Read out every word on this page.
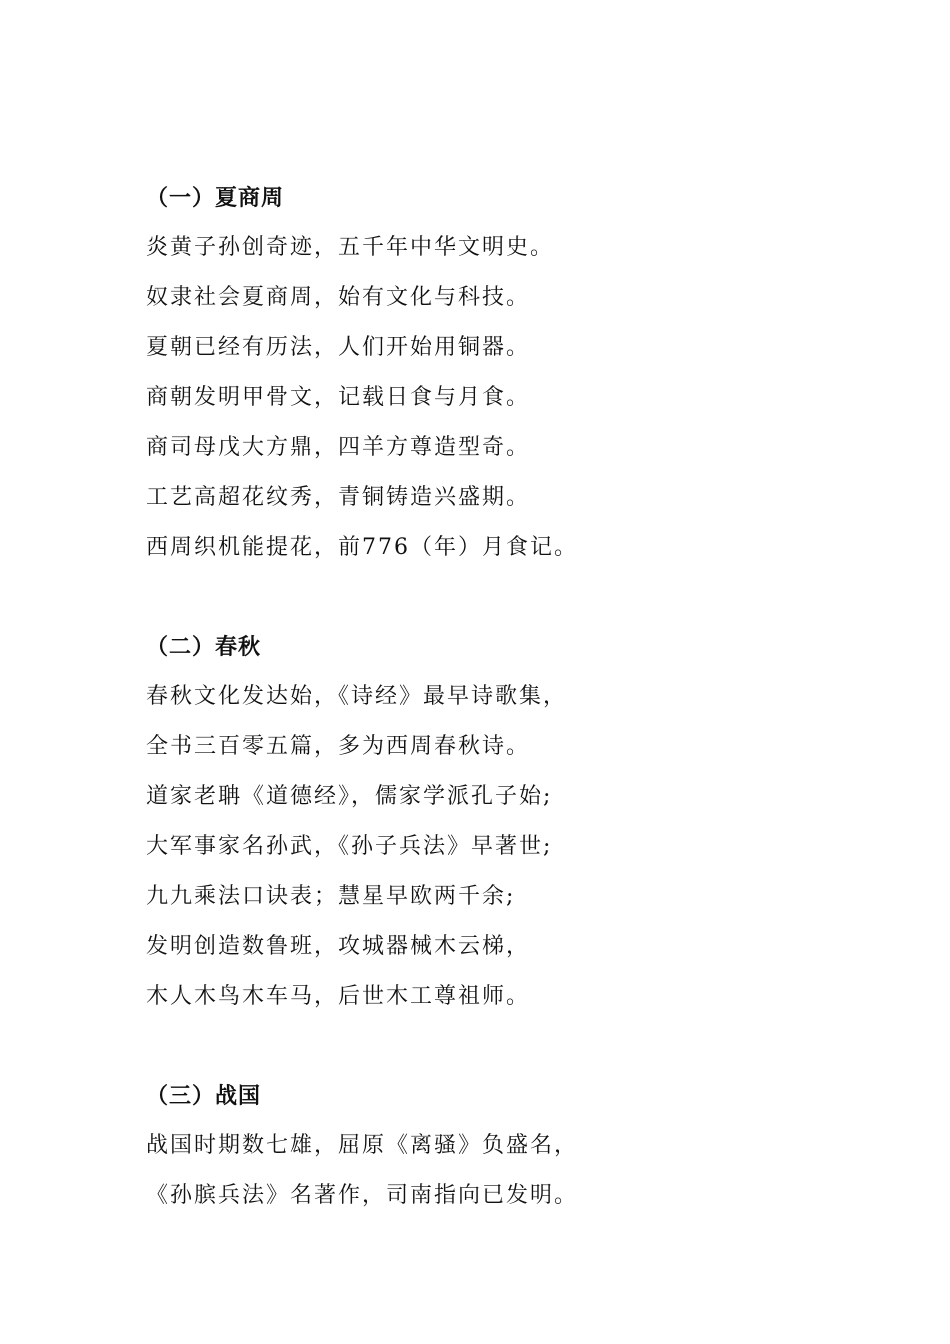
（一）夏商周
炎黄子孙创奇迹，五千年中华文明史。
奴隶社会夏商周，始有文化与科技。
夏朝已经有历法，人们开始用铜器。
商朝发明甲骨文，记载日食与月食。
商司母戊大方鼎，四羊方尊造型奇。
工艺高超花纹秀，青铜铸造兴盛期。
西周织机能提花，前776（年）月食记。
（二）春秋
春秋文化发达始，《诗经》最早诗歌集，
全书三百零五篇，多为西周春秋诗。
道家老聃《道德经》，儒家学派孔子始;
大军事家名孙武，《孙子兵法》早著世;
九九乘法口诀表；慧星早欧两千余;
发明创造数鲁班，攻城器械木云梯，
木人木鸟木车马，后世木工尊祖师。
（三）战国
战国时期数七雄，屈原《离骚》负盛名，
《孙膑兵法》名著作，司南指向已发明。
